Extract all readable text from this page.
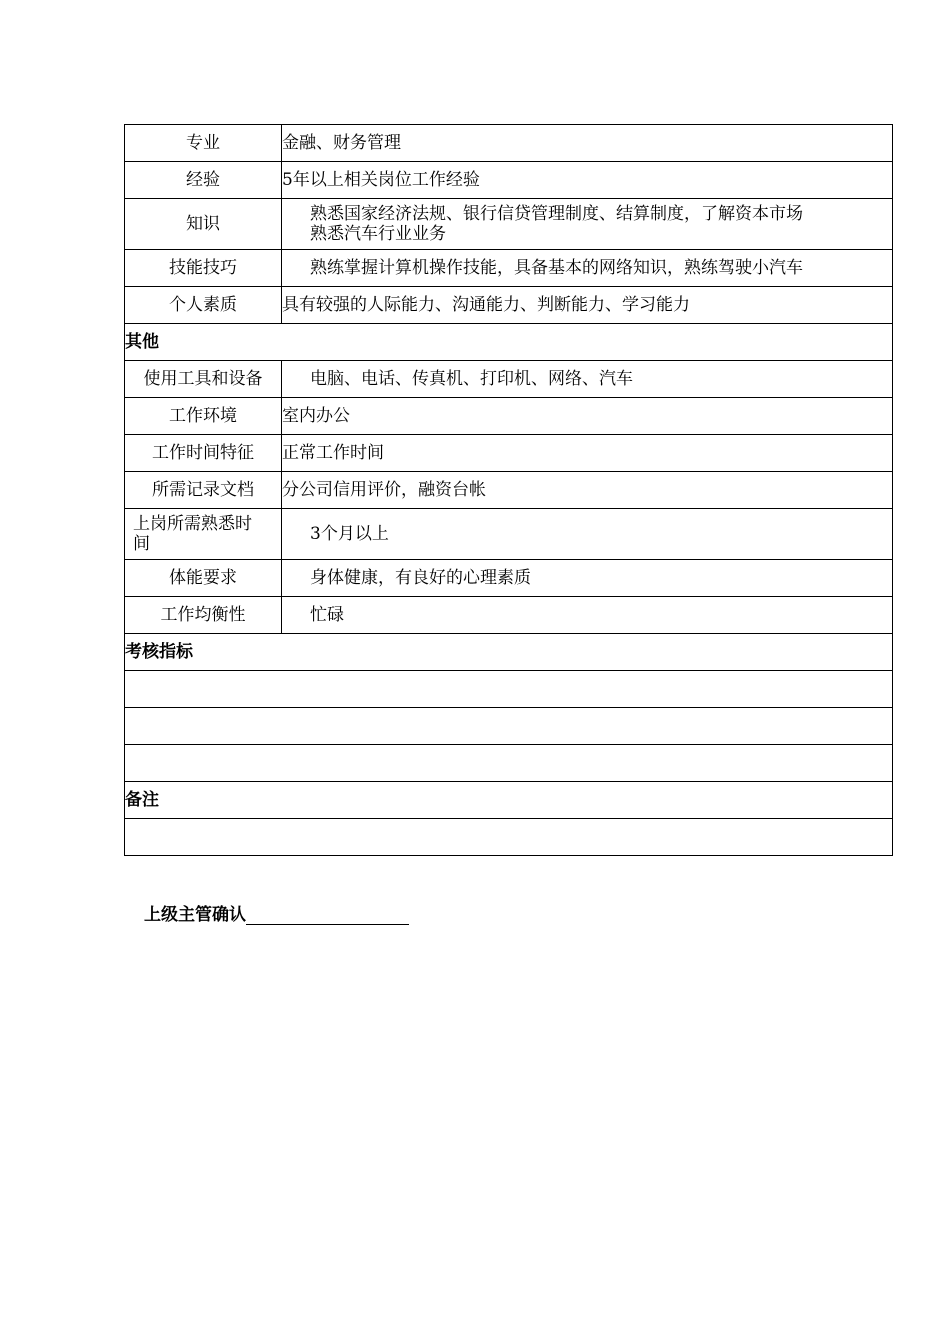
专业	金融、财务管理
经验	5年以上相关岗位工作经验
知识	熟悉国家经济法规、银行信贷管理制度、结算制度，了解资本市场
熟悉汽车行业业务

技能技巧	熟练掌握计算机操作技能，具备基本的网络知识，熟练驾驶小汽车
个人素质	具有较强的人际能力、沟通能力、判断能力、学习能力
其他	
使用工具和设备	电脑、电话、传真机、打印机、网络、汽车
工作环境	室内办公
工作时间特征	正常工作时间
所需记录文档	分公司信用评价，融资台帐

上岗所需熟悉时
间	3个月以上
体能要求	身体健康，有良好的心理素质
工作均衡性	忙碌
考核指标	

备注	

上级主管确认
